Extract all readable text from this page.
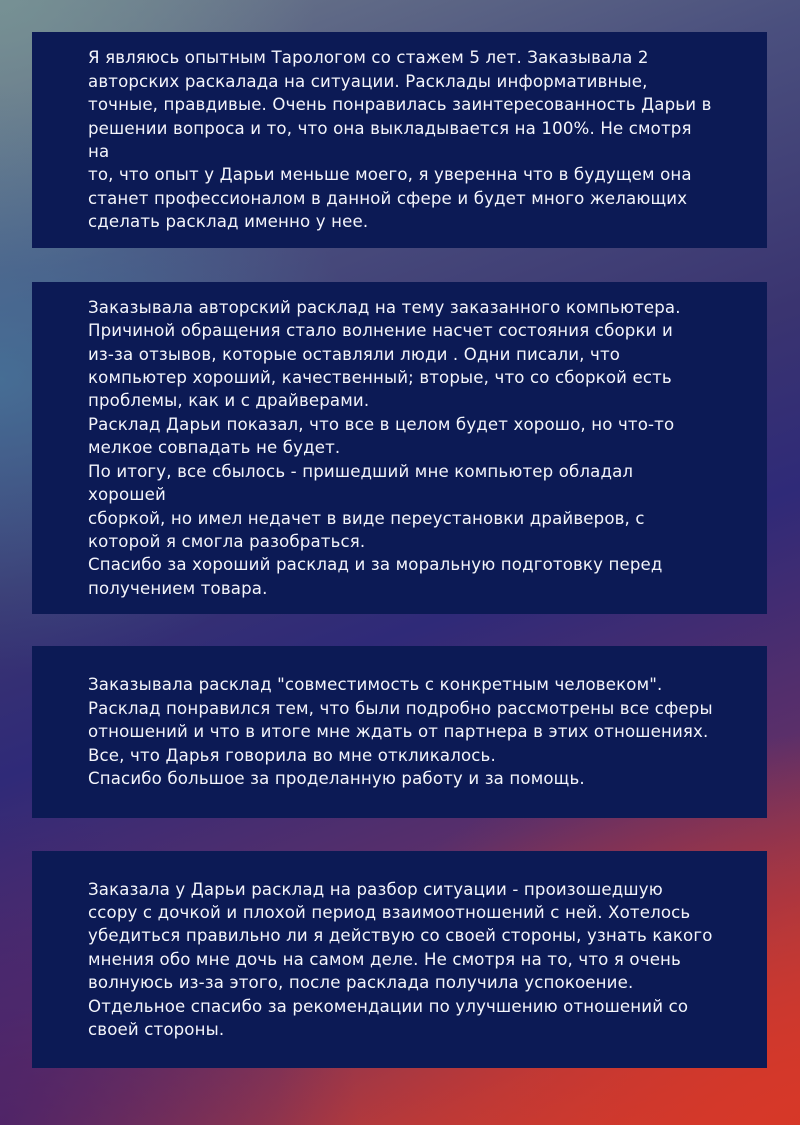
Я являюсь опытным Тарологом со стажем 5 лет. Заказывала 2
авторских раскалада на ситуации. Расклады информативные,
точные, правдивые. Очень понравилась заинтересованность Дарьи в
решении вопроса и то, что она выкладывается на 100%. Не смотря на
то, что опыт у Дарьи меньше моего, я уверенна что в будущем она
станет профессионалом в данной сфере и будет много желающих
сделать расклад именно у нее.

Заказывала авторский расклад на тему заказанного компьютера.
Причиной обращения стало волнение насчет состояния сборки и
из-за отзывов, которые оставляли люди . Одни писали, что
компьютер хороший, качественный; вторые, что со сборкой есть
проблемы, как и с драйверами.
Расклад Дарьи показал, что все в целом будет хорошо, но что-то
мелкое совпадать не будет.
По итогу, все сбылось - пришедший мне компьютер обладал хорошей
сборкой, но имел недачет в виде переустановки драйверов, с
которой я смогла разобраться.
Спасибо за хороший расклад и за моральную подготовку перед
получением товара.

Заказывала расклад "совместимость с конкретным человеком".
Расклад понравился тем, что были подробно рассмотрены все сферы
отношений и что в итоге мне ждать от партнера в этих отношениях.
Все, что Дарья говорила во мне откликалось.
Спасибо большое за проделанную работу и за помощь.

Заказала у Дарьи расклад на разбор ситуации - произошедшую
ссору с дочкой и плохой период взаимоотношений с ней. Хотелось
убедиться правильно ли я действую со своей стороны, узнать какого
мнения обо мне дочь на самом деле. Не смотря на то, что я очень
волнуюсь из-за этого, после расклада получила успокоение.
Отдельное спасибо за рекомендации по улучшению отношений со
своей стороны.
